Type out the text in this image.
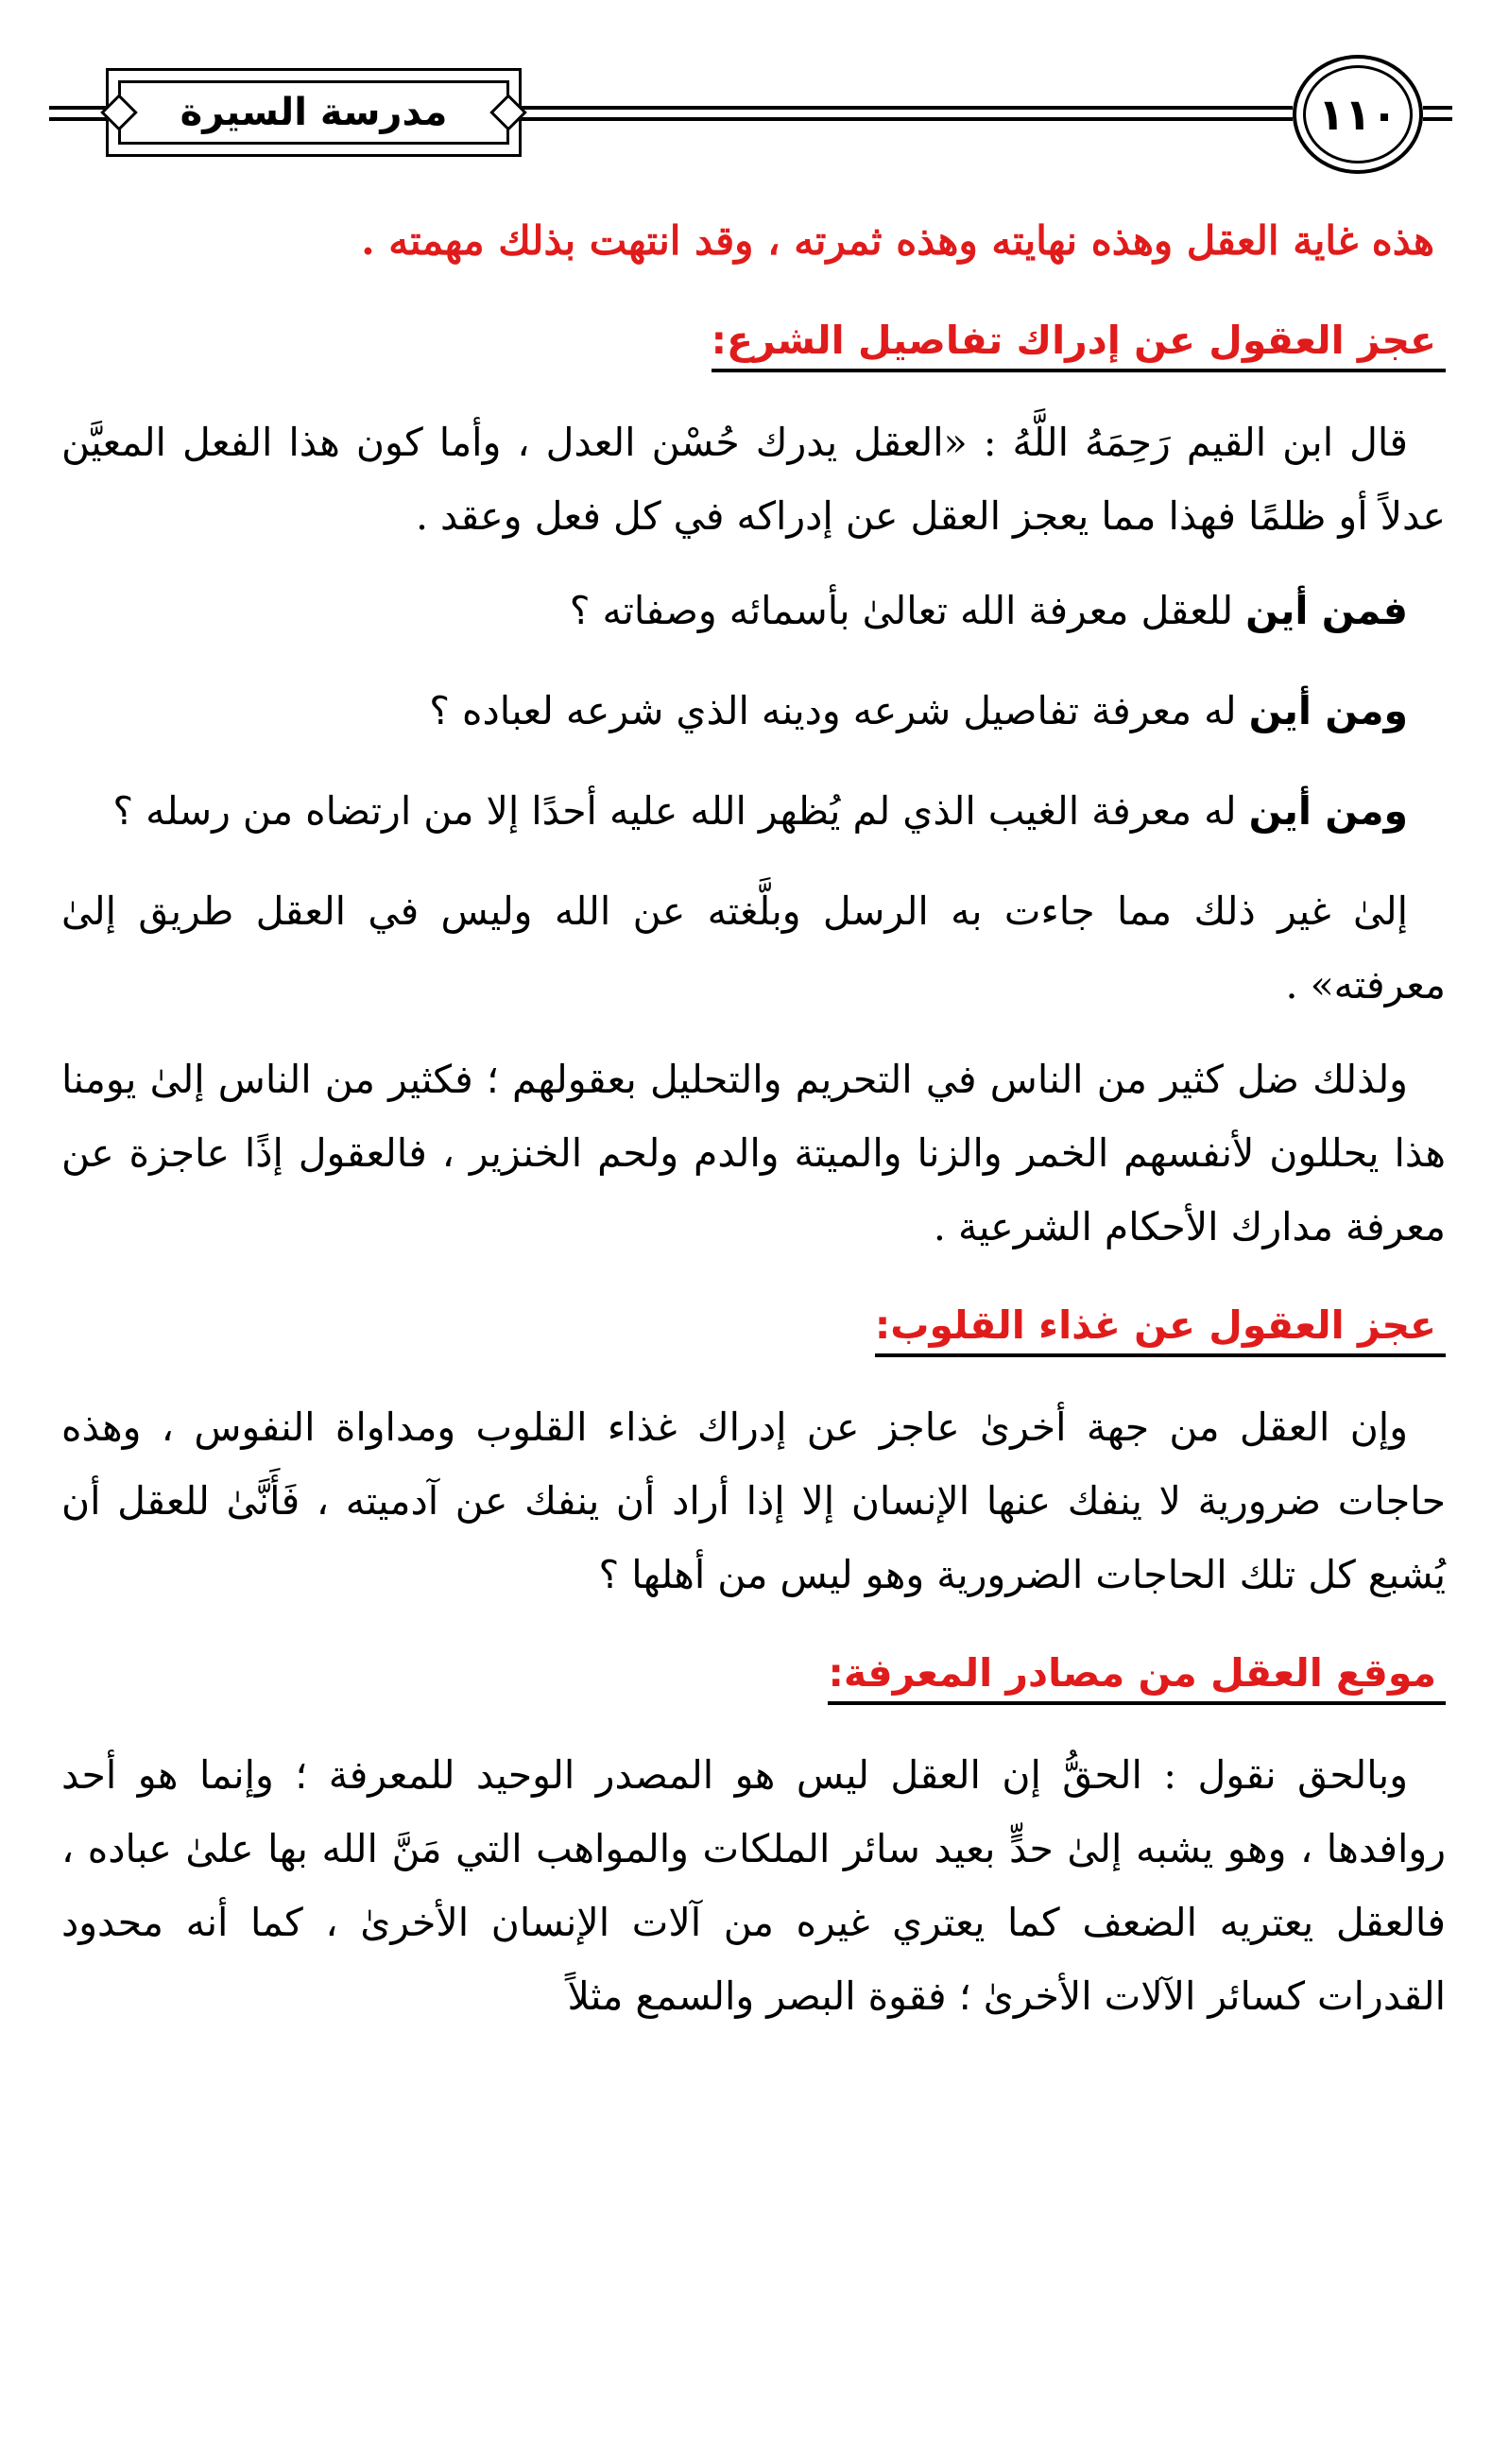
مدرسة السيرة	١١٠

هذه غاية العقل وهذه نهايته وهذه ثمرته ، وقد انتهت بذلك مهمته .

عجز العقول عن إدراك تفاصيل الشرع:

قال ابن القيم رَحِمَهُ اللَّهُ : «العقل يدرك حُسْن العدل ، وأما كون هذا الفعل المعيَّن عدلاً أو ظلمًا فهذا مما يعجز العقل عن إدراكه في كل فعل وعقد .

فمن أين للعقل معرفة الله تعالىٰ بأسمائه وصفاته ؟

ومن أين له معرفة تفاصيل شرعه ودينه الذي شرعه لعباده ؟

ومن أين له معرفة الغيب الذي لم يُظهر الله عليه أحدًا إلا من ارتضاه من رسله ؟

إلىٰ غير ذلك مما جاءت به الرسل وبلَّغته عن الله وليس في العقل طريق إلىٰ معرفته» .

ولذلك ضل كثير من الناس في التحريم والتحليل بعقولهم ؛ فكثير من الناس إلىٰ يومنا هذا يحللون لأنفسهم الخمر والزنا والميتة والدم ولحم الخنزير ، فالعقول إذًا عاجزة عن معرفة مدارك الأحكام الشرعية .

عجز العقول عن غذاء القلوب:

وإن العقل من جهة أخرىٰ عاجز عن إدراك غذاء القلوب ومداواة النفوس ، وهذه حاجات ضرورية لا ينفك عنها الإنسان إلا إذا أراد أن ينفك عن آدميته ، فَأَنَّىٰ للعقل أن يُشبع كل تلك الحاجات الضرورية وهو ليس من أهلها ؟

موقع العقل من مصادر المعرفة:

وبالحق نقول : الحقُّ إن العقل ليس هو المصدر الوحيد للمعرفة ؛ وإنما هو أحد روافدها ، وهو يشبه إلىٰ حدٍّ بعيد سائر الملكات والمواهب التي مَنَّ الله بها علىٰ عباده ، فالعقل يعتريه الضعف كما يعتري غيره من آلات الإنسان الأخرىٰ ، كما أنه محدود القدرات كسائر الآلات الأخرىٰ ؛ فقوة البصر والسمع مثلاً
